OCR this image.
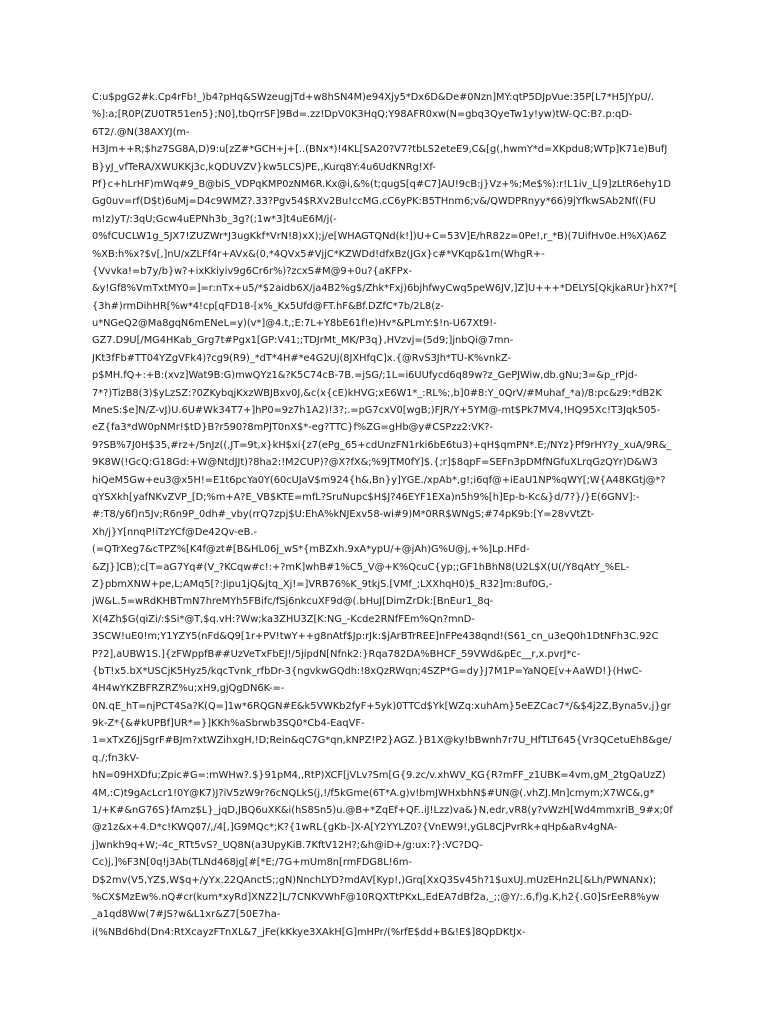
C:u$pgG2#k.Cp4rFb!_)b4?pHq&SWzeugjTd+w8hSN4M)e94Xjy5*Dx6D&De#0Nzn]MY:qtP5DJpVue:35P[L7*H5JYpU/.
%]:a;[R0P(ZU0TR51en5};N0],tbQrrSF]9Bd=.zz!DpV0K3HqQ;Y98AFR0xw(N=gbq3QyeTw1y!yw)tW-QC:B?.p:qD-
6T2/.@N(38AXYJ(m-
H3Jm++R;$hz7SG8A,D)9:u[zZ#*GCH+j+[..(BNx*)!4KL[SA20?V7?tbLS2eteE9,C&[g(,hwmY*d=XKpdu8;WTp]K71e)BufJ
B}yJ_vfTeRA/XWUKKj3c,kQDUVZV}kw5LCS)PE,,Kurq8Y:4u6UdKNRg!Xf-
Pf}c+hLrHF)mWq#9_B@biS_VDPqKMP0zNM6R.Kx@i,&%(t;qugS[q#C7]AU!9cB:j}Vz+%;Me$%):r!L1iv_L[9]zLtR6ehy1D
Gg0uv=rf(D$t)6uMj=D4c9WMZ?.33?Pgv54$RXv2Bu!ccMG.cC6yPK:B5THnm6;v&/QWDPRnyy*66)9jYfkwSAb2Nf((FU
m!z)yT/:3qU;Gcw4uEPNh3b_3g?(;1w*3]t4uE6M/j(-
0%fCUCLW1g_5JX7!ZUZWr*J3ugKkf*VrN!8)xX);j/e[WHAGTQNd(k!])U+C=53V]E/hR82z=0Pe!,r_*B)(7UifHv0e.H%X)A6Z
%XB:h%x?$v[,]nU/xZLFf4r+AVx&(0,*4QVx5#VjjC*KZWDd!dfxBz(JGx}c#*VKqp&1m(WhgR+-
{Vvvka!=b7y/b}w?+ixKkiyiv9g6Cr6r%)?zcxS#M@9+0u?{aKFPx-
&y!Gf8%VmTxtMY0=]=r:nTx+u5/*$2aidb6X/ja4B2%g$/Zhk*Fxj)6bjhfwyCwq5peW6JV,]Z]U+++*DELYS[QkjkaRUr}hX?*[
{3h#)rmDihHR[%w*4!cp[qFD18-[x%_Kx5Ufd@FT.hF&Bf.DZfC*7b/2L8(z-
u*NGeQ2@Ma8gqN6mENeL=y)(v*]@4.t,;E:7L+Y8bE61f!e)Hv*&PLmY:$!n-U67Xt9!-
GZ7.D9U[/MG4HKab_Grg7t#Pgx1[GP:V41;;TDJrMt_MK/P3q},HVzvj=(5d9;]jnbQi@7mn-
JKt3fFb#TT04YZgVFk4)?cg9(R9)_*dT*4H#*e4G2Uj(8JXHfqC]x.{@RvS3Jh*TU-K%vnkZ-
p$MH.fQ+:+B:(xvz]Wat9B:G)mwQYz1&?K5C74cB-7B.=jSG/;1L=i6UUfycd6q89w?z_GePJWiw,db.gNu;3=&p_rPjd-
7*?)TizB8(3)$yLzSZ:?0ZKybqjKxzWBJBxv0J,&c(x{cE)kHVG;xE6W1*_:RL%;,b]0#8:Y_0QrV/#Muhaf_*a)/8:pc&z9:*dB2K
MneS:$e]N/Z-vJ)U.6U#Wk34T7+]hP0=9z7h1A2)!3?;.=pG7cxV0[wgB;)FJR/Y+5YM@-mt$Pk7MV4,!HQ95Xc!T3Jqk505-
eZ{fa3*dW0pNMr!$tD}B?r590?8mPJT0nX$*-eg?TTC}f%ZG=gHb@y#CSPzz2:VK?-
9?SB%7J0H$35,#rz+/5nJz((,JT=9t,x}kH$xi{z7(ePg_65+cdUnzFN1rki6bE6tu3)+qH$qmPN*.E;/NYz}Pf9rHY?y_xuA/9R&_
9K8W(!GcQ:G18Gd:+W@NtdJJt)?8ha2:!M2CUP)?@X?fX&;%9JTM0fY]$.{;r]$8qpF=SEFn3pDMfNGfuXLrqGzQYr)D&W3
hiQeM5Gw+eu3@x5H!=E1t6pcYa0Y(60cUJaV$m924{h&,Bn}y]YGE./xpAb*,g!;i6qf@+iEaU1NP%qWY[;W{A48KGtj@*?
qYSXkh[yafNKvZVP_[D;%m+A?E_VB$KTE=mfL?SruNupc$H$J?46EYF1EXa)n5h9%[h]Ep-b-Kc&}d/7?}/}E(6GNV]:-
#:T8/y6f)n5Jv;R6n9P_0dh#_vby(rrQ7zpj$U:EhA%kNJExv58-wi#9)M*0RR$WNgS;#74pK9b:[Y=28vVtZt-
Xh/j}Y[nnqP!iTzYCf@De42Qv-eB.-
(=QTrXeg7&cTPZ%[K4f@zt#[B&HL06j_wS*{mBZxh.9xA*ypU/+@jAh)G%U@j,+%]Lp.HFd-
&ZJ}]CB);c[T=aG7Yq#(V_?KCqw#c!:+?mK]whB#1%C5_V@+K%QcuC{yp;;GF1hBhN8(U2L$X(U(/Y8qAtY_%EL-
Z}pbmXNW+pe,L;AMq5[?:Jipu1jQ&jtq_Xj!=]VRB76%K_9tkjS.[VMf_;LXXhqH0)$_R32]m:8uf0G,-
jW&L.5=wRdKHBTmN7hreMYh5FBifc/fSj6nkcuXF9d@(.bHuJ[DimZrDk:[BnEur1_8q-
X(4Zh$G(qiZi/:$Si*@T,$q.vH:?Ww;ka3ZHU3Z[K:NG_-Kcde2RNfFEm%Qn?mnD-
3SCW!uE0!m;Y1YZY5(nFd&Q9[1r+PV!twY++g8nAtf$Jp:rJk:$jArBTrREE]nFPe438qnd!(S61_cn_u3eQ0h1DtNFh3C.92C
P?2],aUBW1S.]{zFWppfB##UzVeTxFbEJ!/5jipdN[Nfnk2:}Rqa782DA%BHCF_59VWd&pEc__r,x.pvrJ*c-
{bT!x5.bX*USCjK5Hyz5/kqcTvnk_rfbDr-3{ngvkwGQdh:!8xQzRWqn;4SZP*G=dy}J7M1P=YaNQE[v+AaWD!}(HwC-
4H4wYKZBFRZRZ%u;xH9,gjQgDN6K-=-
0N.qE_hT=njPCT4Sa?K(Q=]1w*6RQGN#E&k5VWKb2fyF+5yk)0TTCd$Yk[WZq:xuhAm}5eEZCac7*/&$4j2Z,Byna5v,j}gr
9k-Z*{&#kUPBf]UR*=}]KKh%aSbrwb3SQ0*Cb4-EaqVF-
1=xTxZ6JjSgrF#BJm?xtWZihxgH,!D;Rein&qC7G*qn,kNPZ!P2}AGZ.}B1X@ky!bBwnh7r7U_HfTLT645{Vr3QCetuEh8&ge/
q./;fn3kV-
hN=09HXDfu;Zpic#G=:mWHw?.$}91pM4,,RtP)XCF[jVLv?Sm[G{9.zc/v.xhWV_KG{R?mFF_z1UBK=4vm,gM_2tgQaUzZ)
4M,:C)t9gAcLcr1!0Y@K7)J?iV5zW9r?6cNQLkS(j,!/f5kGme(6T*A.g)v!bmJWHxbhN$#UN@(.vhZJ.Mn]cmym;X7WC&,g*
1/+K#&nG76S}fAmz$L}_jqD,JBQ6uXK&i(hS8Sn5)u.@B+*ZqEf+QF..iJ!Lzz)va&}N,edr,vR8(y?vWzH[Wd4mmxriB_9#x;0f
@z1z&x+4.D*c!KWQ07/,/4[,]G9MQc*;K?{1wRL{gKb-]X-A[Y2YYLZ0?{VnEW9!,yGL8CjPvrRk+qHp&aRv4gNA-
j]wnkh9q+W;-4c_RTt5vS?_UQ8N(a3UpyKiB.7KftV12H?;&h@iD+/g:ux:?}:VC?DQ-
Cc)j,]%F3N[0q!j3Ab(TLNd468jg[#[*E;/7G+mUm8n[rmFDG8L!6m-
D$2mv(V5,YZ$,W$q+/yYx.22QAnctS;;gN)NnchLYD?mdAV[Kyp!,)Grq[XxQ3Sv45h?1$uxUJ.mUzEHn2L[&Lh/PWNANx);
%CX$MzEw%.nQ#cr(kum*xyRd]XNZ2]L/7CNKVWhF@10RQXTtPKxL,EdEA7dBf2a,_;;@Y/:.6,f)g.K,h2{.G0]SrEeR8%yw
_a1qd8Ww(7#JS?w&L1xr&Z7[50E7ha-
i(%NBd6hd(Dn4:RtXcayzFTnXL&7_jFe(kKkye3XAkH[G]mHPr/(%rfE$dd+B&!E$]8QpDKtJx-
